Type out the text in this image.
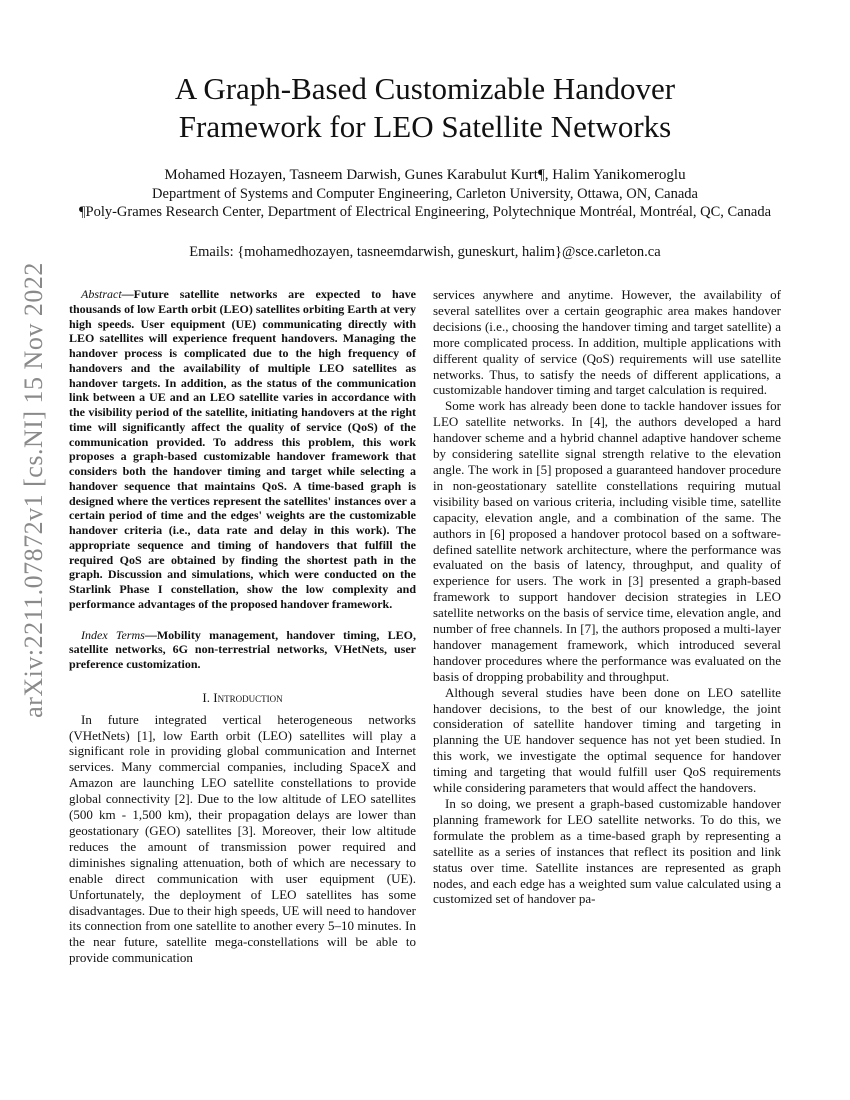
arXiv:2211.07872v1 [cs.NI] 15 Nov 2022
A Graph-Based Customizable Handover
Framework for LEO Satellite Networks
Mohamed Hozayen, Tasneem Darwish, Gunes Karabulut Kurt¶, Halim Yanikomeroglu
Department of Systems and Computer Engineering, Carleton University, Ottawa, ON, Canada
¶Poly-Grames Research Center, Department of Electrical Engineering, Polytechnique Montréal, Montréal, QC, Canada
Emails: {mohamedhozayen, tasneemdarwish, guneskurt, halim}@sce.carleton.ca

Abstract—Future satellite networks are expected to have thousands of low Earth orbit (LEO) satellites orbiting Earth at very high speeds. User equipment (UE) communicating directly with LEO satellites will experience frequent handovers. Managing the handover process is complicated due to the high frequency of handovers and the availability of multiple LEO satellites as handover targets. In addition, as the status of the communication link between a UE and an LEO satellite varies in accordance with the visibility period of the satellite, initiating handovers at the right time will significantly affect the quality of service (QoS) of the communication provided. To address this problem, this work proposes a graph-based customizable handover framework that considers both the handover timing and target while selecting a handover sequence that maintains QoS. A time-based graph is designed where the vertices represent the satellites' instances over a certain period of time and the edges' weights are the customizable handover criteria (i.e., data rate and delay in this work). The appropriate sequence and timing of handovers that fulfill the required QoS are obtained by finding the shortest path in the graph. Discussion and simulations, which were conducted on the Starlink Phase I constellation, show the low complexity and performance advantages of the proposed handover framework.

Index Terms—Mobility management, handover timing, LEO, satellite networks, 6G non-terrestrial networks, VHetNets, user preference customization.

I. Introduction

In future integrated vertical heterogeneous networks (VHetNets) [1], low Earth orbit (LEO) satellites will play a significant role in providing global communication and Internet services. Many commercial companies, including SpaceX and Amazon are launching LEO satellite constellations to provide global connectivity [2]. Due to the low altitude of LEO satellites (500 km - 1,500 km), their propagation delays are lower than geostationary (GEO) satellites [3]. Moreover, their low altitude reduces the amount of transmission power required and diminishes signaling attenuation, both of which are necessary to enable direct communication with user equipment (UE). Unfortunately, the deployment of LEO satellites has some disadvantages. Due to their high speeds, UE will need to handover its connection from one satellite to another every 5–10 minutes. In the near future, satellite mega-constellations will be able to provide communication

services anywhere and anytime. However, the availability of several satellites over a certain geographic area makes handover decisions (i.e., choosing the handover timing and target satellite) a more complicated process. In addition, multiple applications with different quality of service (QoS) requirements will use satellite networks. Thus, to satisfy the needs of different applications, a customizable handover timing and target calculation is required.

Some work has already been done to tackle handover issues for LEO satellite networks. In [4], the authors developed a hard handover scheme and a hybrid channel adaptive handover scheme by considering satellite signal strength relative to the elevation angle. The work in [5] proposed a guaranteed handover procedure in non-geostationary satellite constellations requiring mutual visibility based on various criteria, including visible time, satellite capacity, elevation angle, and a combination of the same. The authors in [6] proposed a handover protocol based on a software-defined satellite network architecture, where the performance was evaluated on the basis of latency, throughput, and quality of experience for users. The work in [3] presented a graph-based framework to support handover decision strategies in LEO satellite networks on the basis of service time, elevation angle, and number of free channels. In [7], the authors proposed a multi-layer handover management framework, which introduced several handover procedures where the performance was evaluated on the basis of dropping probability and throughput.

Although several studies have been done on LEO satellite handover decisions, to the best of our knowledge, the joint consideration of satellite handover timing and targeting in planning the UE handover sequence has not yet been studied. In this work, we investigate the optimal sequence for handover timing and targeting that would fulfill user QoS requirements while considering parameters that would affect the handovers.

In so doing, we present a graph-based customizable handover planning framework for LEO satellite networks. To do this, we formulate the problem as a time-based graph by representing a satellite as a series of instances that reflect its position and link status over time. Satellite instances are represented as graph nodes, and each edge has a weighted sum value calculated using a customized set of handover pa-
